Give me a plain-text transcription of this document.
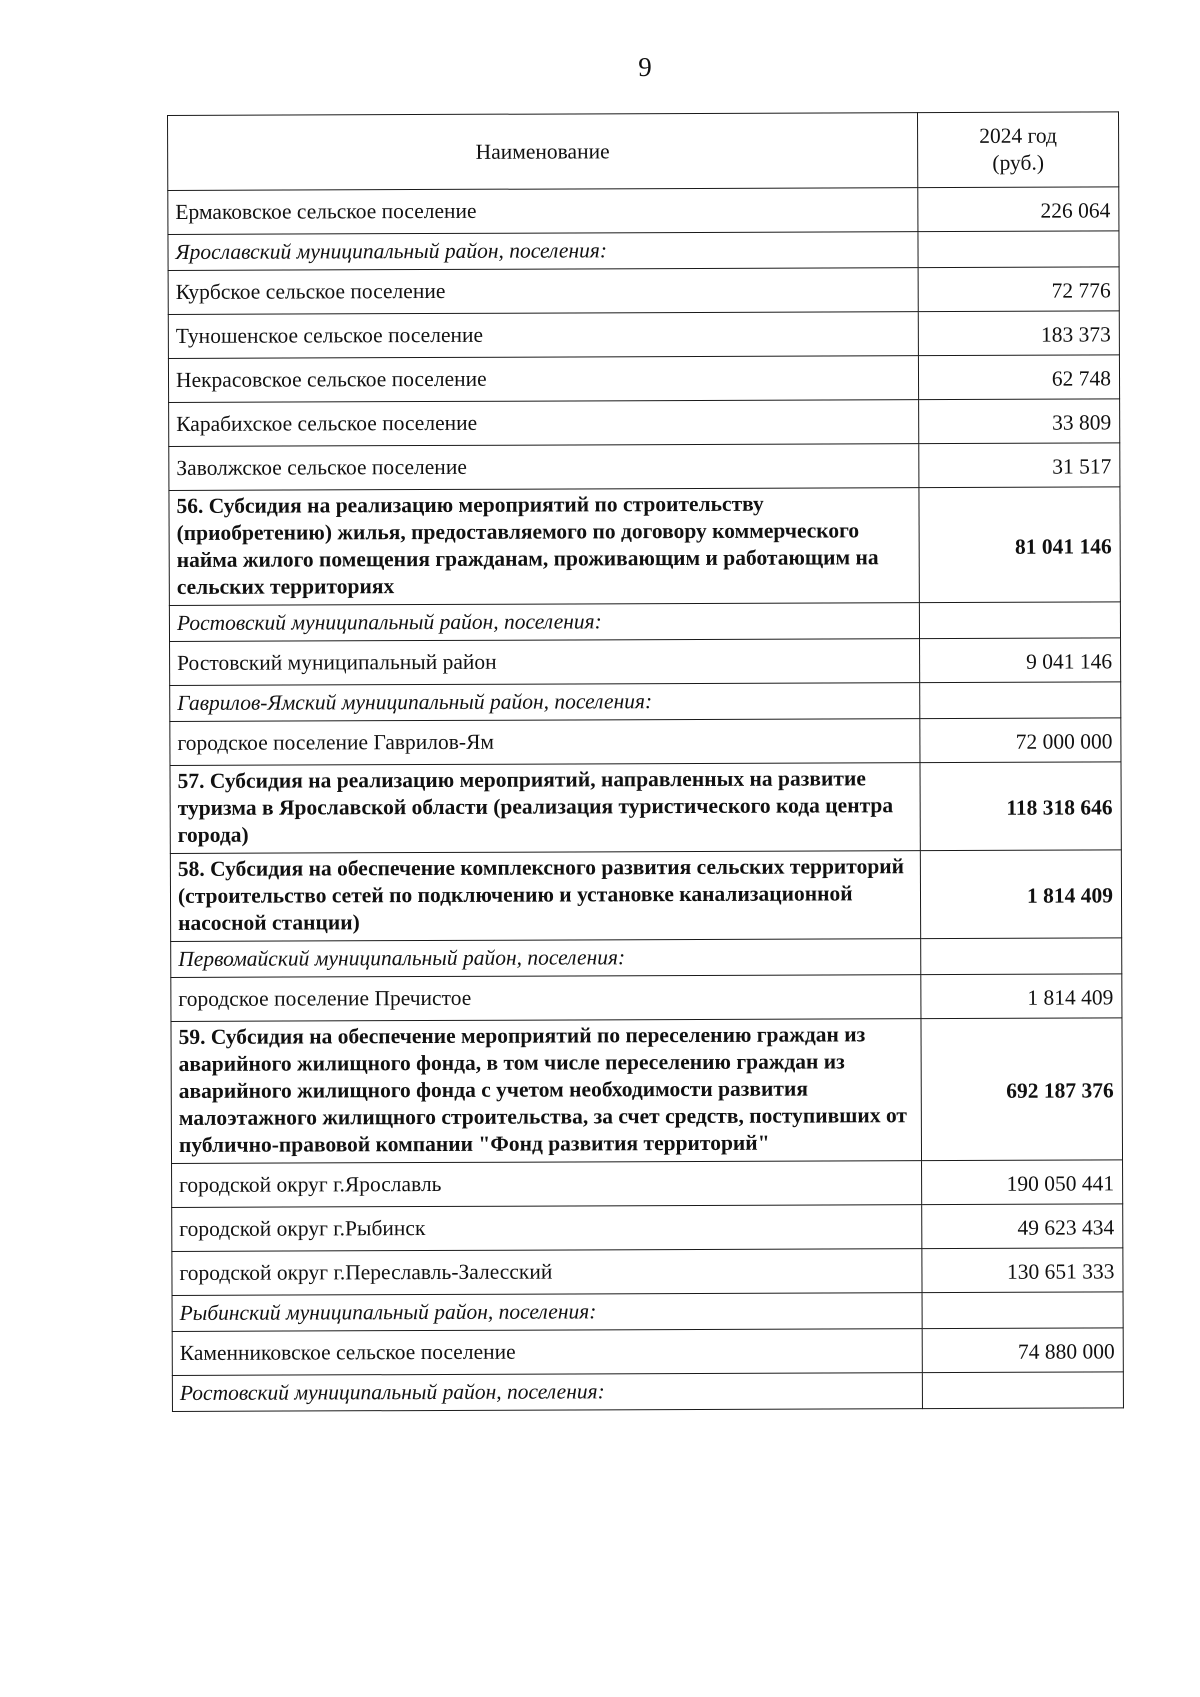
9
Наименование	2024 год
(руб.)
Ермаковское сельское поселение	226 064
Ярославский муниципальный район, поселения:	
Курбское сельское поселение	72 776
Туношенское сельское поселение	183 373
Некрасовское сельское поселение	62 748
Карабихское сельское поселение	33 809
Заволжское сельское поселение	31 517
56. Субсидия на реализацию мероприятий по строительству (приобретению) жилья, предоставляемого по договору коммерческого найма жилого помещения гражданам, проживающим и работающим на сельских территориях	81 041 146
Ростовский муниципальный район, поселения:	
Ростовский муниципальный район	9 041 146
Гаврилов-Ямский муниципальный район, поселения:	
городское поселение Гаврилов-Ям	72 000 000
57. Субсидия на реализацию мероприятий, направленных на развитие туризма в Ярославской области (реализация туристического кода центра города)	118 318 646
58. Субсидия на обеспечение комплексного развития сельских территорий (строительство сетей по подключению и установке канализационной насосной станции)	1 814 409
Первомайский муниципальный район, поселения:	
городское поселение Пречистое	1 814 409
59. Субсидия на обеспечение мероприятий по переселению граждан из аварийного жилищного фонда, в том числе переселению граждан из аварийного жилищного фонда с учетом необходимости развития малоэтажного жилищного строительства, за счет средств, поступивших от публично-правовой компании "Фонд развития территорий"	692 187 376
городской округ г.Ярославль	190 050 441
городской округ г.Рыбинск	49 623 434
городской округ г.Переславль-Залесский	130 651 333
Рыбинский муниципальный район, поселения:	
Каменниковское сельское поселение	74 880 000
Ростовский муниципальный район, поселения:	
